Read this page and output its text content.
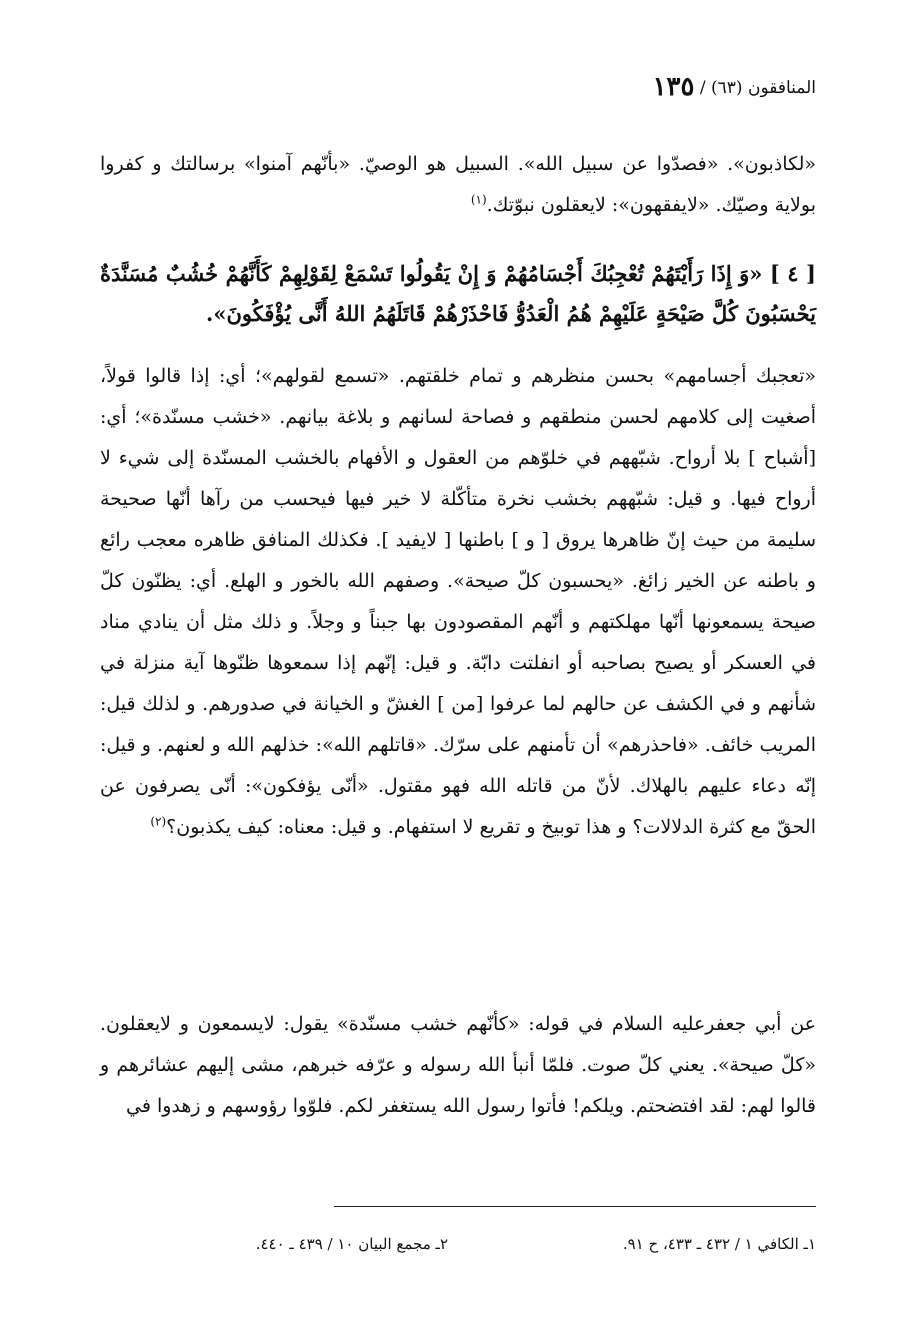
المنافقون (٦٣) / ١٣٥

«لكاذبون». «فصدّوا عن سبيل الله». السبيل هو الوصيّ. «بأنّهم آمنوا» برسالتك و كفروا بولاية وصيّك. «لايفقهون»: لايعقلون نبوّتك.$^{(١)}$

[ ٤ ] «وَ إِذَا رَأَيْتَهُمْ تُعْجِبُكَ أَجْسَامُهُمْ وَ إِنْ يَقُولُوا تَسْمَعْ لِقَوْلِهِمْ كَأَنَّهُمْ خُشُبٌ مُسَنَّدَةٌ يَحْسَبُونَ كُلَّ صَيْحَةٍ عَلَيْهِمْ هُمُ الْعَدُوُّ فَاحْذَرْهُمْ قَاتَلَهُمُ اللهُ أَنَّى يُؤْفَكُونَ».

«تعجبك أجسامهم» بحسن منظرهم و تمام خلقتهم. «تسمع لقولهم»؛ أي: إذا قالوا قولاً، أصغيت إلى كلامهم لحسن منطقهم و فصاحة لسانهم و بلاغة بيانهم. «خشب مسنّدة»؛ أي: [أشباح ] بلا أرواح. شبّههم في خلوّهم من العقول و الأفهام بالخشب المسنّدة إلى شيء لا أرواح فيها. و قيل: شبّههم بخشب نخرة متأكّلة لا خير فيها فيحسب من رآها أنّها صحيحة سليمة من حيث إنّ ظاهرها يروق [ و ] باطنها [ لايفيد ]. فكذلك المنافق ظاهره معجب رائع و باطنه عن الخير زائغ. «يحسبون كلّ صيحة». وصفهم الله بالخور و الهلع. أي: يظنّون كلّ صيحة يسمعونها أنّها مهلكتهم و أنّهم المقصودون بها جبناً و وجلاً. و ذلك مثل أن ينادي مناد في العسكر أو يصيح بصاحبه أو انفلتت دابّة. و قيل: إنّهم إذا سمعوها ظنّوها آية منزلة في شأنهم و في الكشف عن حالهم لما عرفوا [من ] الغشّ و الخيانة في صدورهم. و لذلك قيل: المريب خائف. «فاحذرهم» أن تأمنهم على سرّك. «قاتلهم الله»: خذلهم الله و لعنهم. و قيل: إنّه دعاء عليهم بالهلاك. لأنّ من قاتله الله فهو مقتول. «أنّى يؤفكون»: أنّى يصرفون عن الحقّ مع كثرة الدلالات؟ و هذا توبيخ و تقريع لا استفهام. و قيل: معناه: كيف يكذبون؟$^{(٢)}$

عن أبي جعفرعليه السلام في قوله: «كأنّهم خشب مسنّدة» يقول: لايسمعون و لايعقلون. «كلّ صيحة». يعني كلّ صوت. فلمّا أنبأ الله رسوله و عرّفه خبرهم، مشى إليهم عشائرهم و قالوا لهم: لقد افتضحتم. ويلكم! فأتوا رسول الله يستغفر لكم. فلوّوا رؤوسهم و زهدوا في

١ـ الكافي ١ / ٤٣٢ ـ ٤٣٣، ح ٩١.
٢ـ مجمع البيان ١٠ / ٤٣٩ ـ ٤٤٠.
